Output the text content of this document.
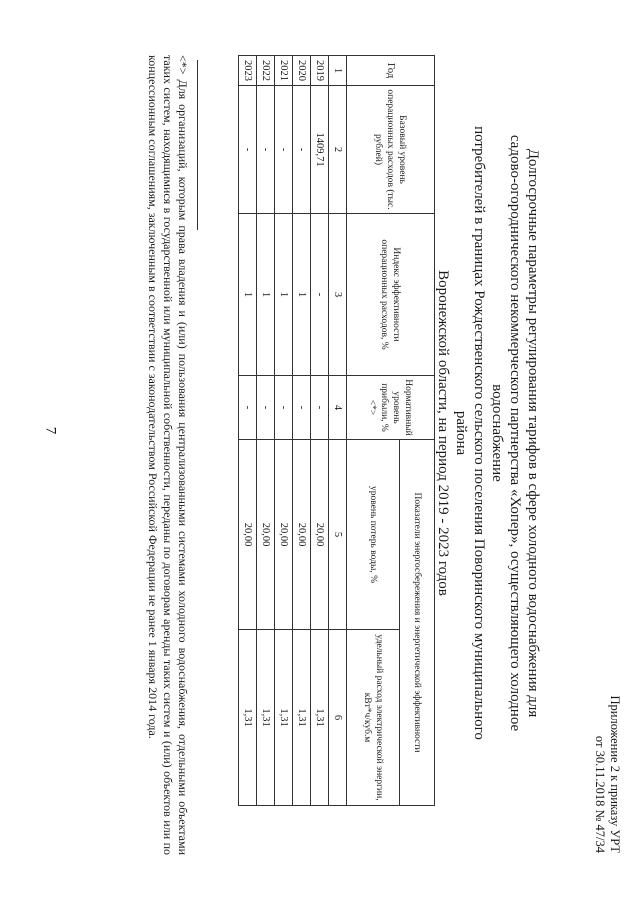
7
Приложение 2 к приказу УРТ
от 30.11.2018 № 47/34
Долгосрочные параметры регулирования тарифов в сфере холодного водоснабжения для
садово-огороднического некоммерческого партнерства «Хопер», осуществляющего холодное водоснабжение
потребителей в границах Рождественского сельского поселения Поворинского муниципального района
Воронежской области, на период 2019 - 2023 годов
Год	Базовый уровень операционных расходов (тыс. рублей)	Индекс эффективности операционных расходов, %	Нормативный уровень прибыли, % <*>	Показатели энергосбережения и энергетической эффективности	
				уровень потерь воды, %	удельный расход электрической энергии, кВт*ч/куб.м
1	2	3	4	5	6
2019	1409,71	-	-	20,00	1,31
2020	-	1	-	20,00	1,31
2021	-	1	-	20,00	1,31
2022	-	1	-	20,00	1,31
2023	-	1	-	20,00	1,31
<*> Для организаций, которым права владения и (или) пользования централизованными системами холодного водоснабжения, отдельными объектами таких систем, находящимися в государственной или муниципальной собственности, переданы по договорам аренды таких систем и (или) объектов или по концессионным соглашениям, заключенным в соответствии с законодательством Российской Федерации не ранее 1 января 2014 года.
